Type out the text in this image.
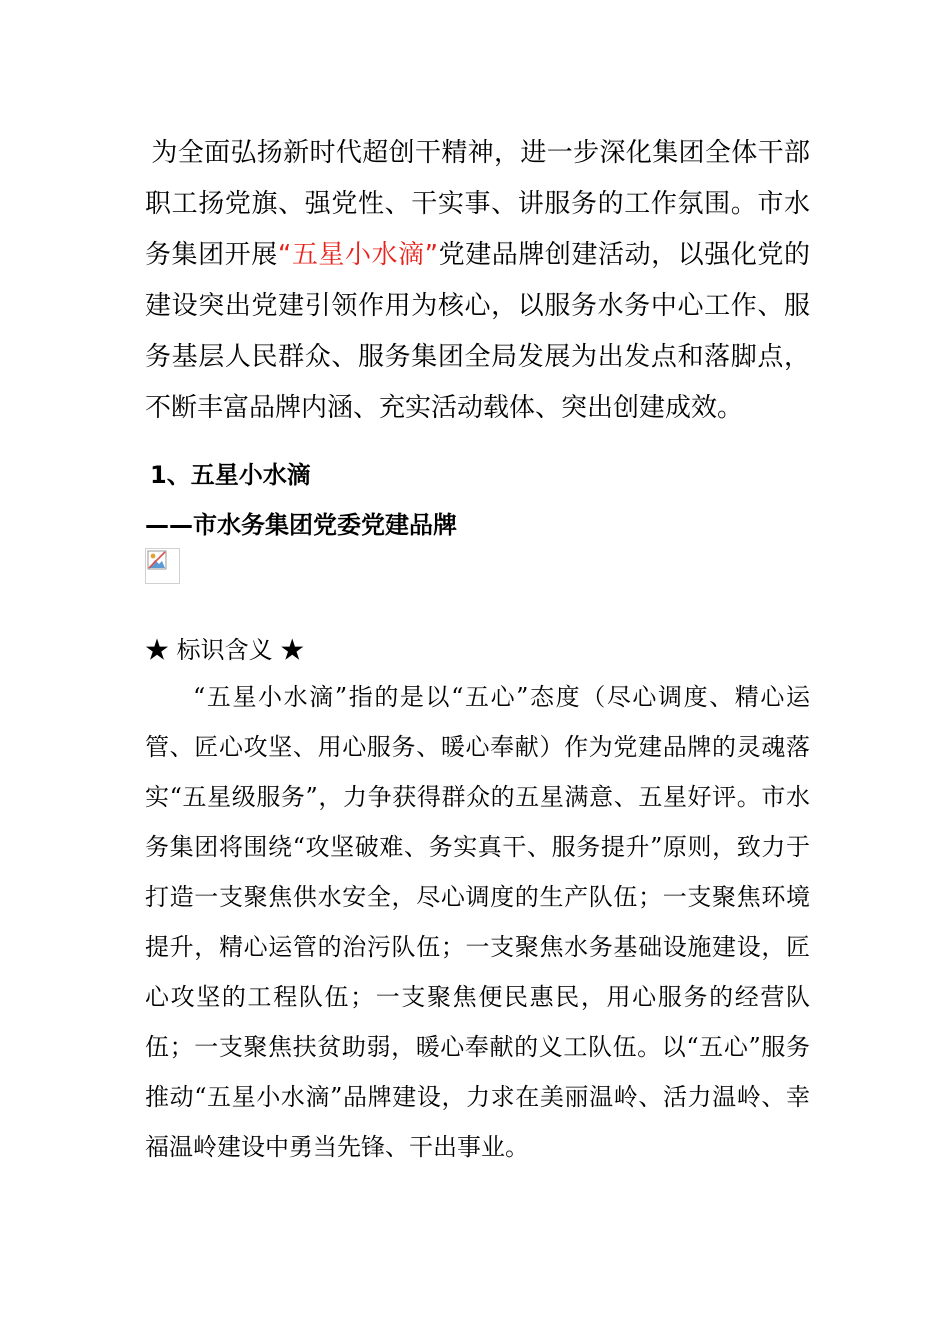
为全面弘扬新时代超创干精神，进一步深化集团全体干部职工扬党旗、强党性、干实事、讲服务的工作氛围。市水务集团开展“五星小水滴”党建品牌创建活动，以强化党的建设突出党建引领作用为核心，以服务水务中心工作、服务基层人民群众、服务集团全局发展为出发点和落脚点，不断丰富品牌内涵、充实活动载体、突出创建成效。

1、五星小水滴

——市水务集团党委党建品牌

★ 标识含义 ★

“五星小水滴”指的是以“五心”态度（尽心调度、精心运管、匠心攻坚、用心服务、暖心奉献）作为党建品牌的灵魂落实“五星级服务”，力争获得群众的五星满意、五星好评。市水务集团将围绕“攻坚破难、务实真干、服务提升”原则，致力于打造一支聚焦供水安全，尽心调度的生产队伍；一支聚焦环境提升，精心运管的治污队伍；一支聚焦水务基础设施建设，匠心攻坚的工程队伍；一支聚焦便民惠民，用心服务的经营队伍；一支聚焦扶贫助弱，暖心奉献的义工队伍。以“五心”服务推动“五星小水滴”品牌建设，力求在美丽温岭、活力温岭、幸福温岭建设中勇当先锋、干出事业。
